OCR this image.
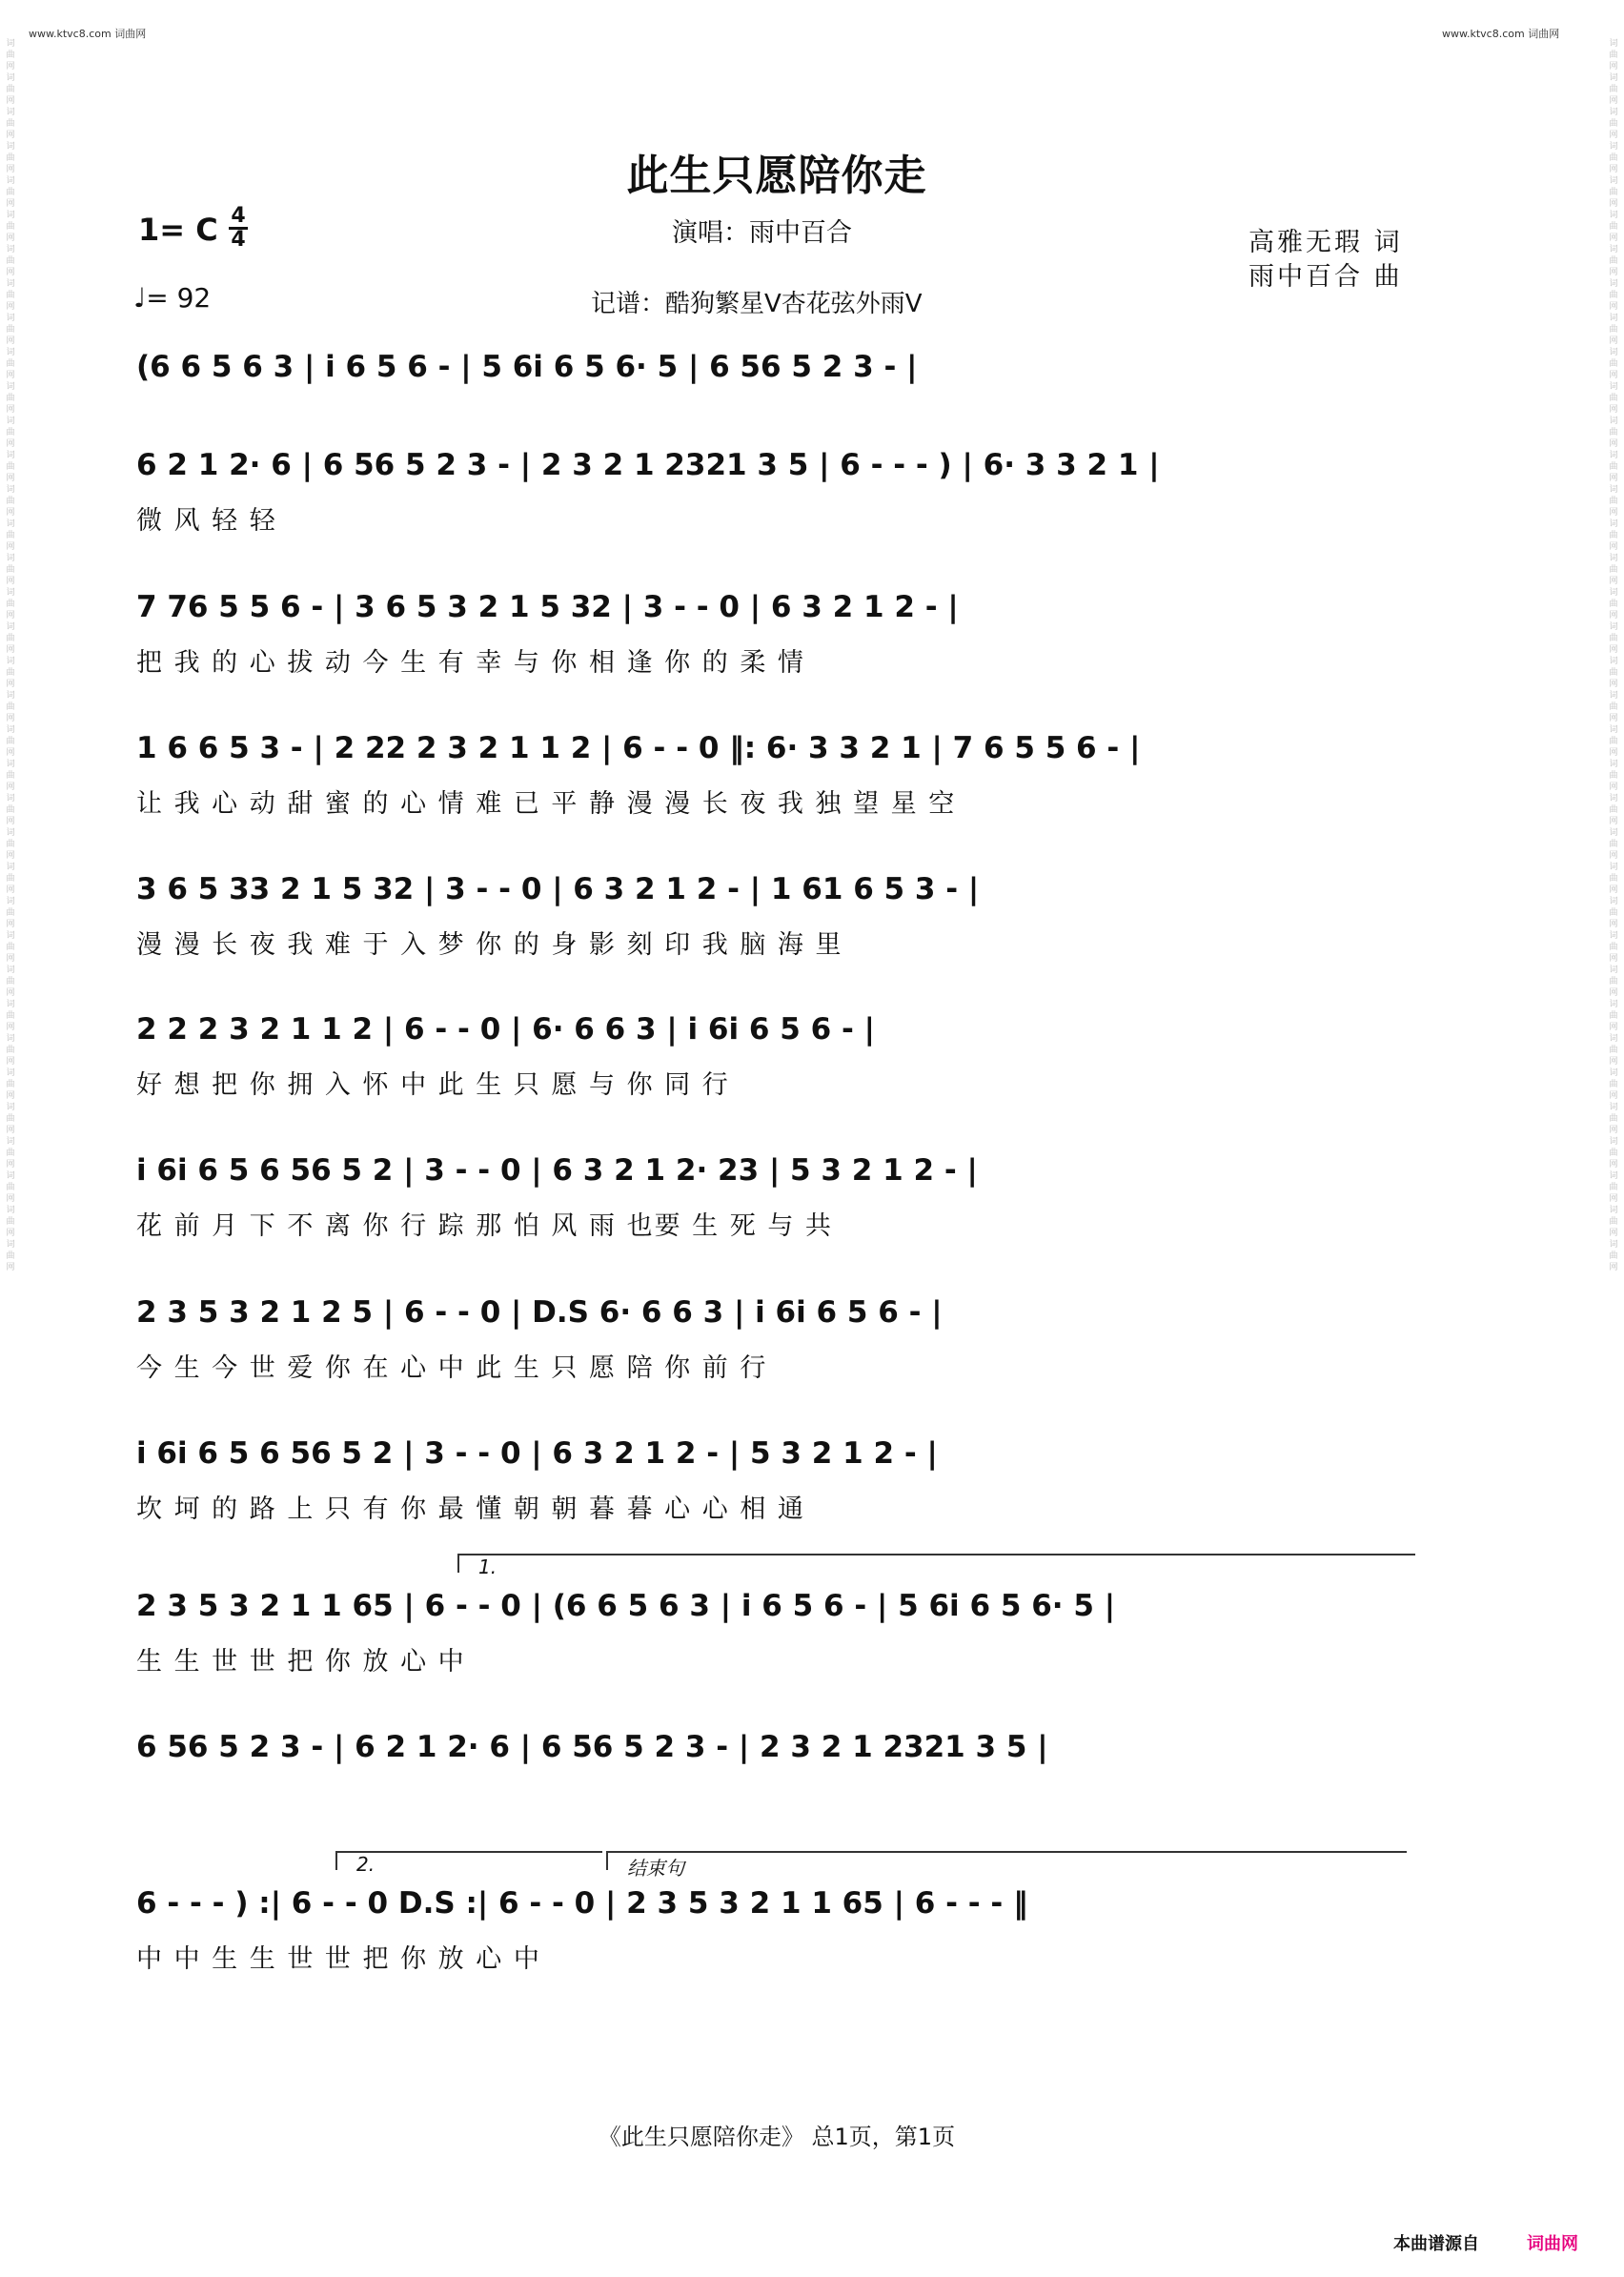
www.ktvc8.com 词曲网	www.ktvc8.com 词曲网
词曲网词曲网词曲网词曲网词曲网词曲网词曲网词曲网词曲网词曲网词曲网词曲网词曲网词曲网词曲网词曲网词曲网词曲网词曲网词曲网词曲网词曲网词曲网词曲网词曲网词曲网词曲网词曲网词曲网词曲网词曲网词曲网词曲网词曲网词曲网词曲网
词曲网词曲网词曲网词曲网词曲网词曲网词曲网词曲网词曲网词曲网词曲网词曲网词曲网词曲网词曲网词曲网词曲网词曲网词曲网词曲网词曲网词曲网词曲网词曲网词曲网词曲网词曲网词曲网词曲网词曲网词曲网词曲网词曲网词曲网词曲网词曲网
此生只愿陪你走
1= C 4
4
♩= 92
演唱：雨中百合	高雅无瑕 词
雨中百合 曲
记谱：酷狗繁星V杏花弦外雨V
(6 6 5 6 3 | i 6 5 6 - | 5 6i 6 5 6· 5 | 6 56 5 2 3 - |
6 2 1 2· 6 | 6 56 5 2 3 - | 2 3 2 1 2321 3 5 | 6 - - - ) | 6· 3 3 2 1 |
微 风 轻 轻
7 76 5 5 6 - | 3 6 5 3 2 1 5 32 | 3 - - 0 | 6 3 2 1 2 - |
把 我 的 心 拔 动 今 生 有 幸 与 你 相 逢 你 的 柔 情
1 6 6 5 3 - | 2 22 2 3 2 1 1 2 | 6 - - 0 ‖: 6· 3 3 2 1 | 7 6 5 5 6 - |
让 我 心 动 甜 蜜 的 心 情 难 已 平 静 漫 漫 长 夜 我 独 望 星 空
3 6 5 33 2 1 5 32 | 3 - - 0 | 6 3 2 1 2 - | 1 61 6 5 3 - |
漫 漫 长 夜 我 难 于 入 梦 你 的 身 影 刻 印 我 脑 海 里
2 2 2 3 2 1 1 2 | 6 - - 0 | 6· 6 6 3 | i 6i 6 5 6 - |
好 想 把 你 拥 入 怀 中 此 生 只 愿 与 你 同 行
i 6i 6 5 6 56 5 2 | 3 - - 0 | 6 3 2 1 2· 23 | 5 3 2 1 2 - |
花 前 月 下 不 离 你 行 踪 那 怕 风 雨 也要 生 死 与 共
2 3 5 3 2 1 2 5 | 6 - - 0 | D.S 6· 6 6 3 | i 6i 6 5 6 - |
今 生 今 世 爱 你 在 心 中 此 生 只 愿 陪 你 前 行
i 6i 6 5 6 56 5 2 | 3 - - 0 | 6 3 2 1 2 - | 5 3 2 1 2 - |
坎 坷 的 路 上 只 有 你 最 懂 朝 朝 暮 暮 心 心 相 通
2 3 5 3 2 1 1 65 | 6 - - 0 | (6 6 5 6 3 | i 6 5 6 - | 5 6i 6 5 6· 5 |
生 生 世 世 把 你 放 心 中
1.
6 56 5 2 3 - | 6 2 1 2· 6 | 6 56 5 2 3 - | 2 3 2 1 2321 3 5 |
6 - - - ) :| 6 - - 0 D.S :| 6 - - 0 | 2 3 5 3 2 1 1 65 | 6 - - - ‖
中 中 生 生 世 世 把 你 放 心 中
2.	结束句
《此生只愿陪你走》 总1页，第1页
本曲谱源自	词曲网
